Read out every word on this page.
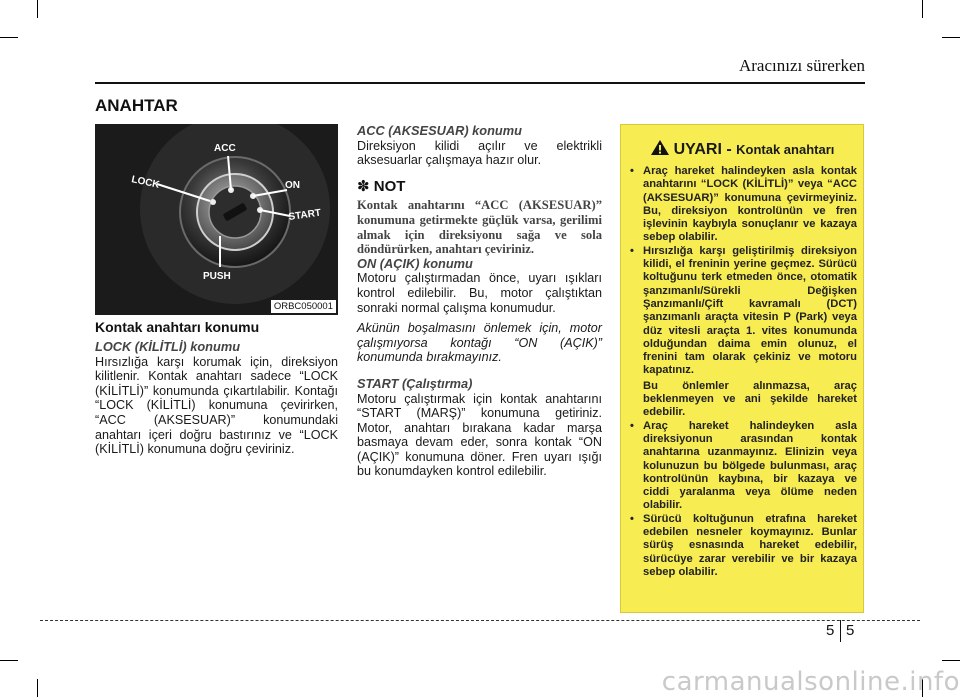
Aracınızı sürerken
ANAHTAR
ACC
LOCK	ON
START
PUSH
ORBC050001
Kontak anahtarı konumu

LOCK (KİLİTLİ) konumu

Hırsızlığa karşı korumak için, direksiyon kilitlenir. Kontak anahtarı sadece “LOCK (KİLİTLİ)” konumunda çıkartılabilir. Kontağı “LOCK (KİLİTLİ) konumuna çevirirken, “ACC (AKSESUAR)” konumundaki anahtarı içeri doğru bastırınız ve “LOCK (KİLİTLİ) konumuna doğru çeviriniz.

ACC (AKSESUAR) konumu

Direksiyon kilidi açılır ve elektrikli aksesuarlar çalışmaya hazır olur.

✽ NOT

Kontak anahtarını “ACC (AKSESUAR)” konumuna getirmekte güçlük varsa, gerilimi almak için direksiyonu sağa ve sola döndürürken, anahtarı çeviriniz.

ON (AÇIK) konumu

Motoru çalıştırmadan önce, uyarı ışıkları kontrol edilebilir. Bu, motor çalıştıktan sonraki normal çalışma konumudur.

Akünün boşalmasını önlemek için, motor çalışmıyorsa kontağı “ON (AÇIK)” konumunda bırakmayınız.

START (Çalıştırma)

Motoru çalıştırmak için kontak anahtarını “START (MARŞ)” konumuna getiriniz. Motor, anahtarı bırakana kadar marşa basmaya devam eder, sonra kontak “ON (AÇIK)” konumuna döner. Fren uyarı ışığı bu konumdayken kontrol edilebilir.

UYARI - Kontak anahtarı
• Araç hareket halindeyken asla kontak anahtarını “LOCK (KİLİTLİ)” veya “ACC (AKSESUAR)” konumuna çevirmeyiniz. Bu, direksiyon kontrolünün ve fren işlevinin kaybıyla sonuçlanır ve kazaya sebep olabilir.
• Hırsızlığa karşı geliştirilmiş direksiyon kilidi, el freninin yerine geçmez. Sürücü koltuğunu terk etmeden önce, otomatik şanzımanlı/Sürekli Değişken Şanzımanlı/Çift kavramalı (DCT) şanzımanlı araçta vitesin P (Park) veya düz vitesli araçta 1. vites konumunda olduğundan daima emin olunuz, el frenini tam olarak çekiniz ve motoru kapatınız.
Bu önlemler alınmazsa, araç beklenmeyen ve ani şekilde hareket edebilir.
• Araç hareket halindeyken asla direksiyonun arasından kontak anahtarına uzanmayınız. Elinizin veya kolunuzun bu bölgede bulunması, araç kontrolünün kaybına, bir kazaya ve ciddi yaralanma veya ölüme neden olabilir.
• Sürücü koltuğunun etrafına hareket edebilen nesneler koymayınız. Bunlar sürüş esnasında hareket edebilir, sürücüye zarar verebilir ve bir kazaya sebep olabilir.
5 5
carmanualsonline.info
